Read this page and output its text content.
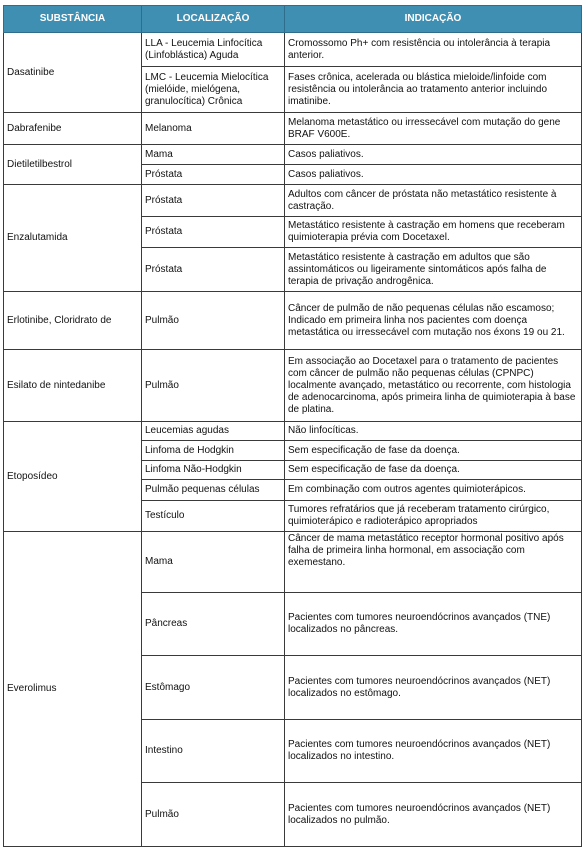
SUBSTÂNCIA	LOCALIZAÇÃO	INDICAÇÃO
Dasatinibe	LLA - Leucemia Linfocítica (Linfoblástica) Aguda	Cromossomo Ph+ com resistência ou intolerância à terapia anterior.
	LMC - Leucemia Mielocítica (mielóide, mielógena, granulocítica) Crônica	Fases crônica, acelerada ou blástica mieloide/linfoide com resistência ou intolerância ao tratamento anterior incluindo imatinibe.
Dabrafenibe	Melanoma	Melanoma metastático ou irressecável com mutação do gene BRAF V600E.
Dietiletilbestrol	Mama	Casos paliativos.
	Próstata	Casos paliativos.
Enzalutamida	Próstata	Adultos com câncer de próstata não metastático resistente à castração.
	Próstata	Metastático resistente à castração em homens que receberam quimioterapia prévia com Docetaxel.
	Próstata	Metastático resistente à castração em adultos que são assintomáticos ou ligeiramente sintomáticos após falha de terapia de privação androgênica.
Erlotinibe, Cloridrato de	Pulmão	Câncer de pulmão de não pequenas células não escamoso; Indicado em primeira linha nos pacientes com doença metastática ou irressecável com mutação nos éxons 19 ou 21.
Esilato de nintedanibe	Pulmão	Em associação ao Docetaxel para o tratamento de pacientes com câncer de pulmão não pequenas células (CPNPC) localmente avançado, metastático ou recorrente, com histologia de adenocarcinoma, após primeira linha de quimioterapia à base de platina.
Etoposídeo	Leucemias agudas	Não linfocíticas.
	Linfoma de Hodgkin	Sem especificação de fase da doença.
	Linfoma Não-Hodgkin	Sem especificação de fase da doença.
	Pulmão pequenas células	Em combinação com outros agentes quimioterápicos.
	Testículo	Tumores refratários que já receberam tratamento cirúrgico, quimioterápico e radioterápico apropriados
Everolimus	Mama	Câncer de mama metastático receptor hormonal positivo após falha de primeira linha hormonal, em associação com exemestano.
	Pâncreas	Pacientes com tumores neuroendócrinos avançados (TNE) localizados no pâncreas.
	Estômago	Pacientes com tumores neuroendócrinos avançados (NET) localizados no estômago.
	Intestino	Pacientes com tumores neuroendócrinos avançados (NET) localizados no intestino.
	Pulmão	Pacientes com tumores neuroendócrinos avançados (NET) localizados no pulmão.
